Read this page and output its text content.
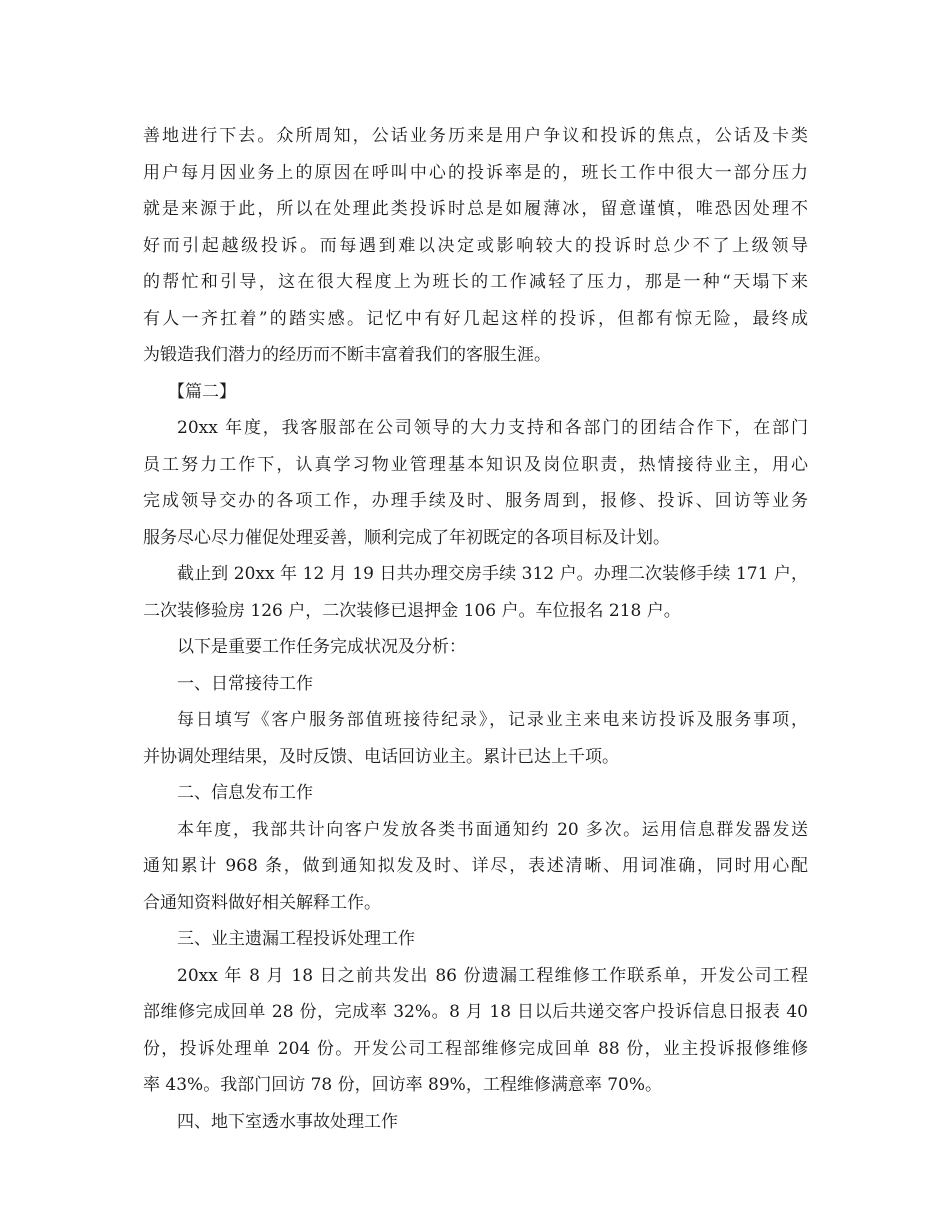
善地进行下去。众所周知，公话业务历来是用户争议和投诉的焦点，公话及卡类
用户每月因业务上的原因在呼叫中心的投诉率是的，班长工作中很大一部分压力
就是来源于此，所以在处理此类投诉时总是如履薄冰，留意谨慎，唯恐因处理不
好而引起越级投诉。而每遇到难以决定或影响较大的投诉时总少不了上级领导
的帮忙和引导，这在很大程度上为班长的工作减轻了压力，那是一种“天塌下来
有人一齐扛着”的踏实感。记忆中有好几起这样的投诉，但都有惊无险，最终成
为锻造我们潜力的经历而不断丰富着我们的客服生涯。
【篇二】
20xx 年度，我客服部在公司领导的大力支持和各部门的团结合作下，在部门
员工努力工作下，认真学习物业管理基本知识及岗位职责，热情接待业主，用心
完成领导交办的各项工作，办理手续及时、服务周到，报修、投诉、回访等业务
服务尽心尽力催促处理妥善，顺利完成了年初既定的各项目标及计划。
截止到 20xx 年 12 月 19 日共办理交房手续 312 户。办理二次装修手续 171 户，
二次装修验房 126 户，二次装修已退押金 106 户。车位报名 218 户。
以下是重要工作任务完成状况及分析：
一、日常接待工作
每日填写《客户服务部值班接待纪录》，记录业主来电来访投诉及服务事项，
并协调处理结果，及时反馈、电话回访业主。累计已达上千项。
二、信息发布工作
本年度，我部共计向客户发放各类书面通知约 20 多次。运用信息群发器发送
通知累计 968 条，做到通知拟发及时、详尽，表述清晰、用词准确，同时用心配
合通知资料做好相关解释工作。
三、业主遗漏工程投诉处理工作
20xx 年 8 月 18 日之前共发出 86 份遗漏工程维修工作联系单，开发公司工程
部维修完成回单 28 份，完成率 32%。8 月 18 日以后共递交客户投诉信息日报表 40
份，投诉处理单 204 份。开发公司工程部维修完成回单 88 份，业主投诉报修维修
率 43%。我部门回访 78 份，回访率 89%，工程维修满意率 70%。
四、地下室透水事故处理工作
